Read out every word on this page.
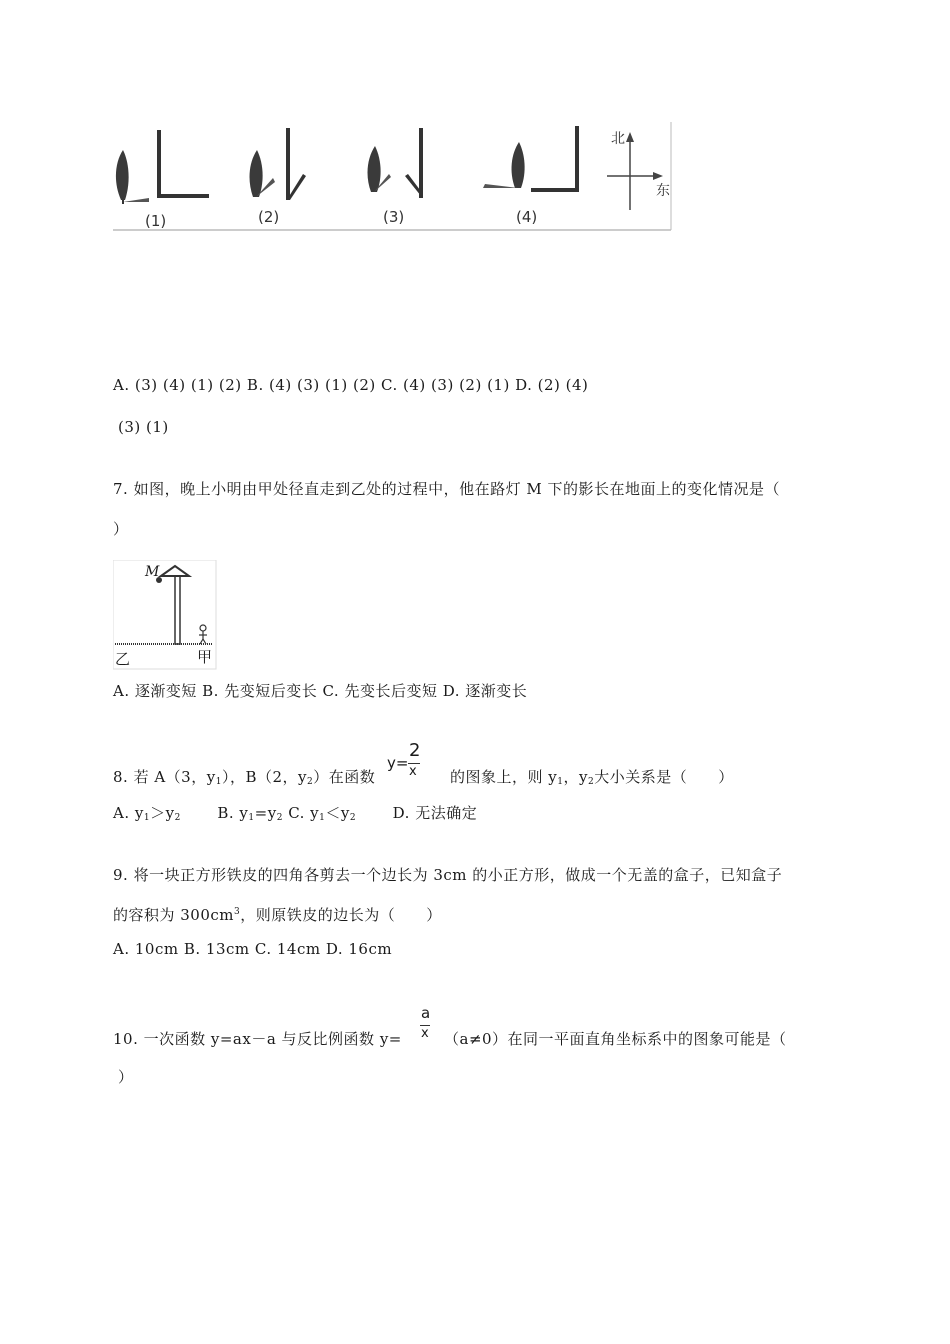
(1)	(2)	(3)	(4)
北
东
A. (3) (4) (1) (2) B. (4) (3) (1) (2) C. (4) (3) (2) (1) D. (2) (4)
(3) (1)
7. 如图，晚上小明由甲处径直走到乙处的过程中，他在路灯 M 下的影长在地面上的变化情况是（
）
M
乙	甲
A. 逐渐变短 B. 先变短后变长 C. 先变长后变短 D. 逐渐变长
8. 若 A（3，$y_1$），B（2，$y_2$）在函数
y=
2
x 的图象上，则 $y_1$，$y_2$大小关系是（　　）
A. $y_1>y_2$ B. $y_1=y_2$ C. $y_1<y_2$ D. 无法确定
9. 将一块正方形铁皮的四角各剪去一个边长为 3cm 的小正方形，做成一个无盖的盒子，已知盒子
的容积为 $300cm^3$，则原铁皮的边长为（　　）
A. 10cm B. 13cm C. 14cm D. 16cm
10. 一次函数 y=ax－a 与反比例函数 y=
a
x （a≠0）在同一平面直角坐标系中的图象可能是（
）
